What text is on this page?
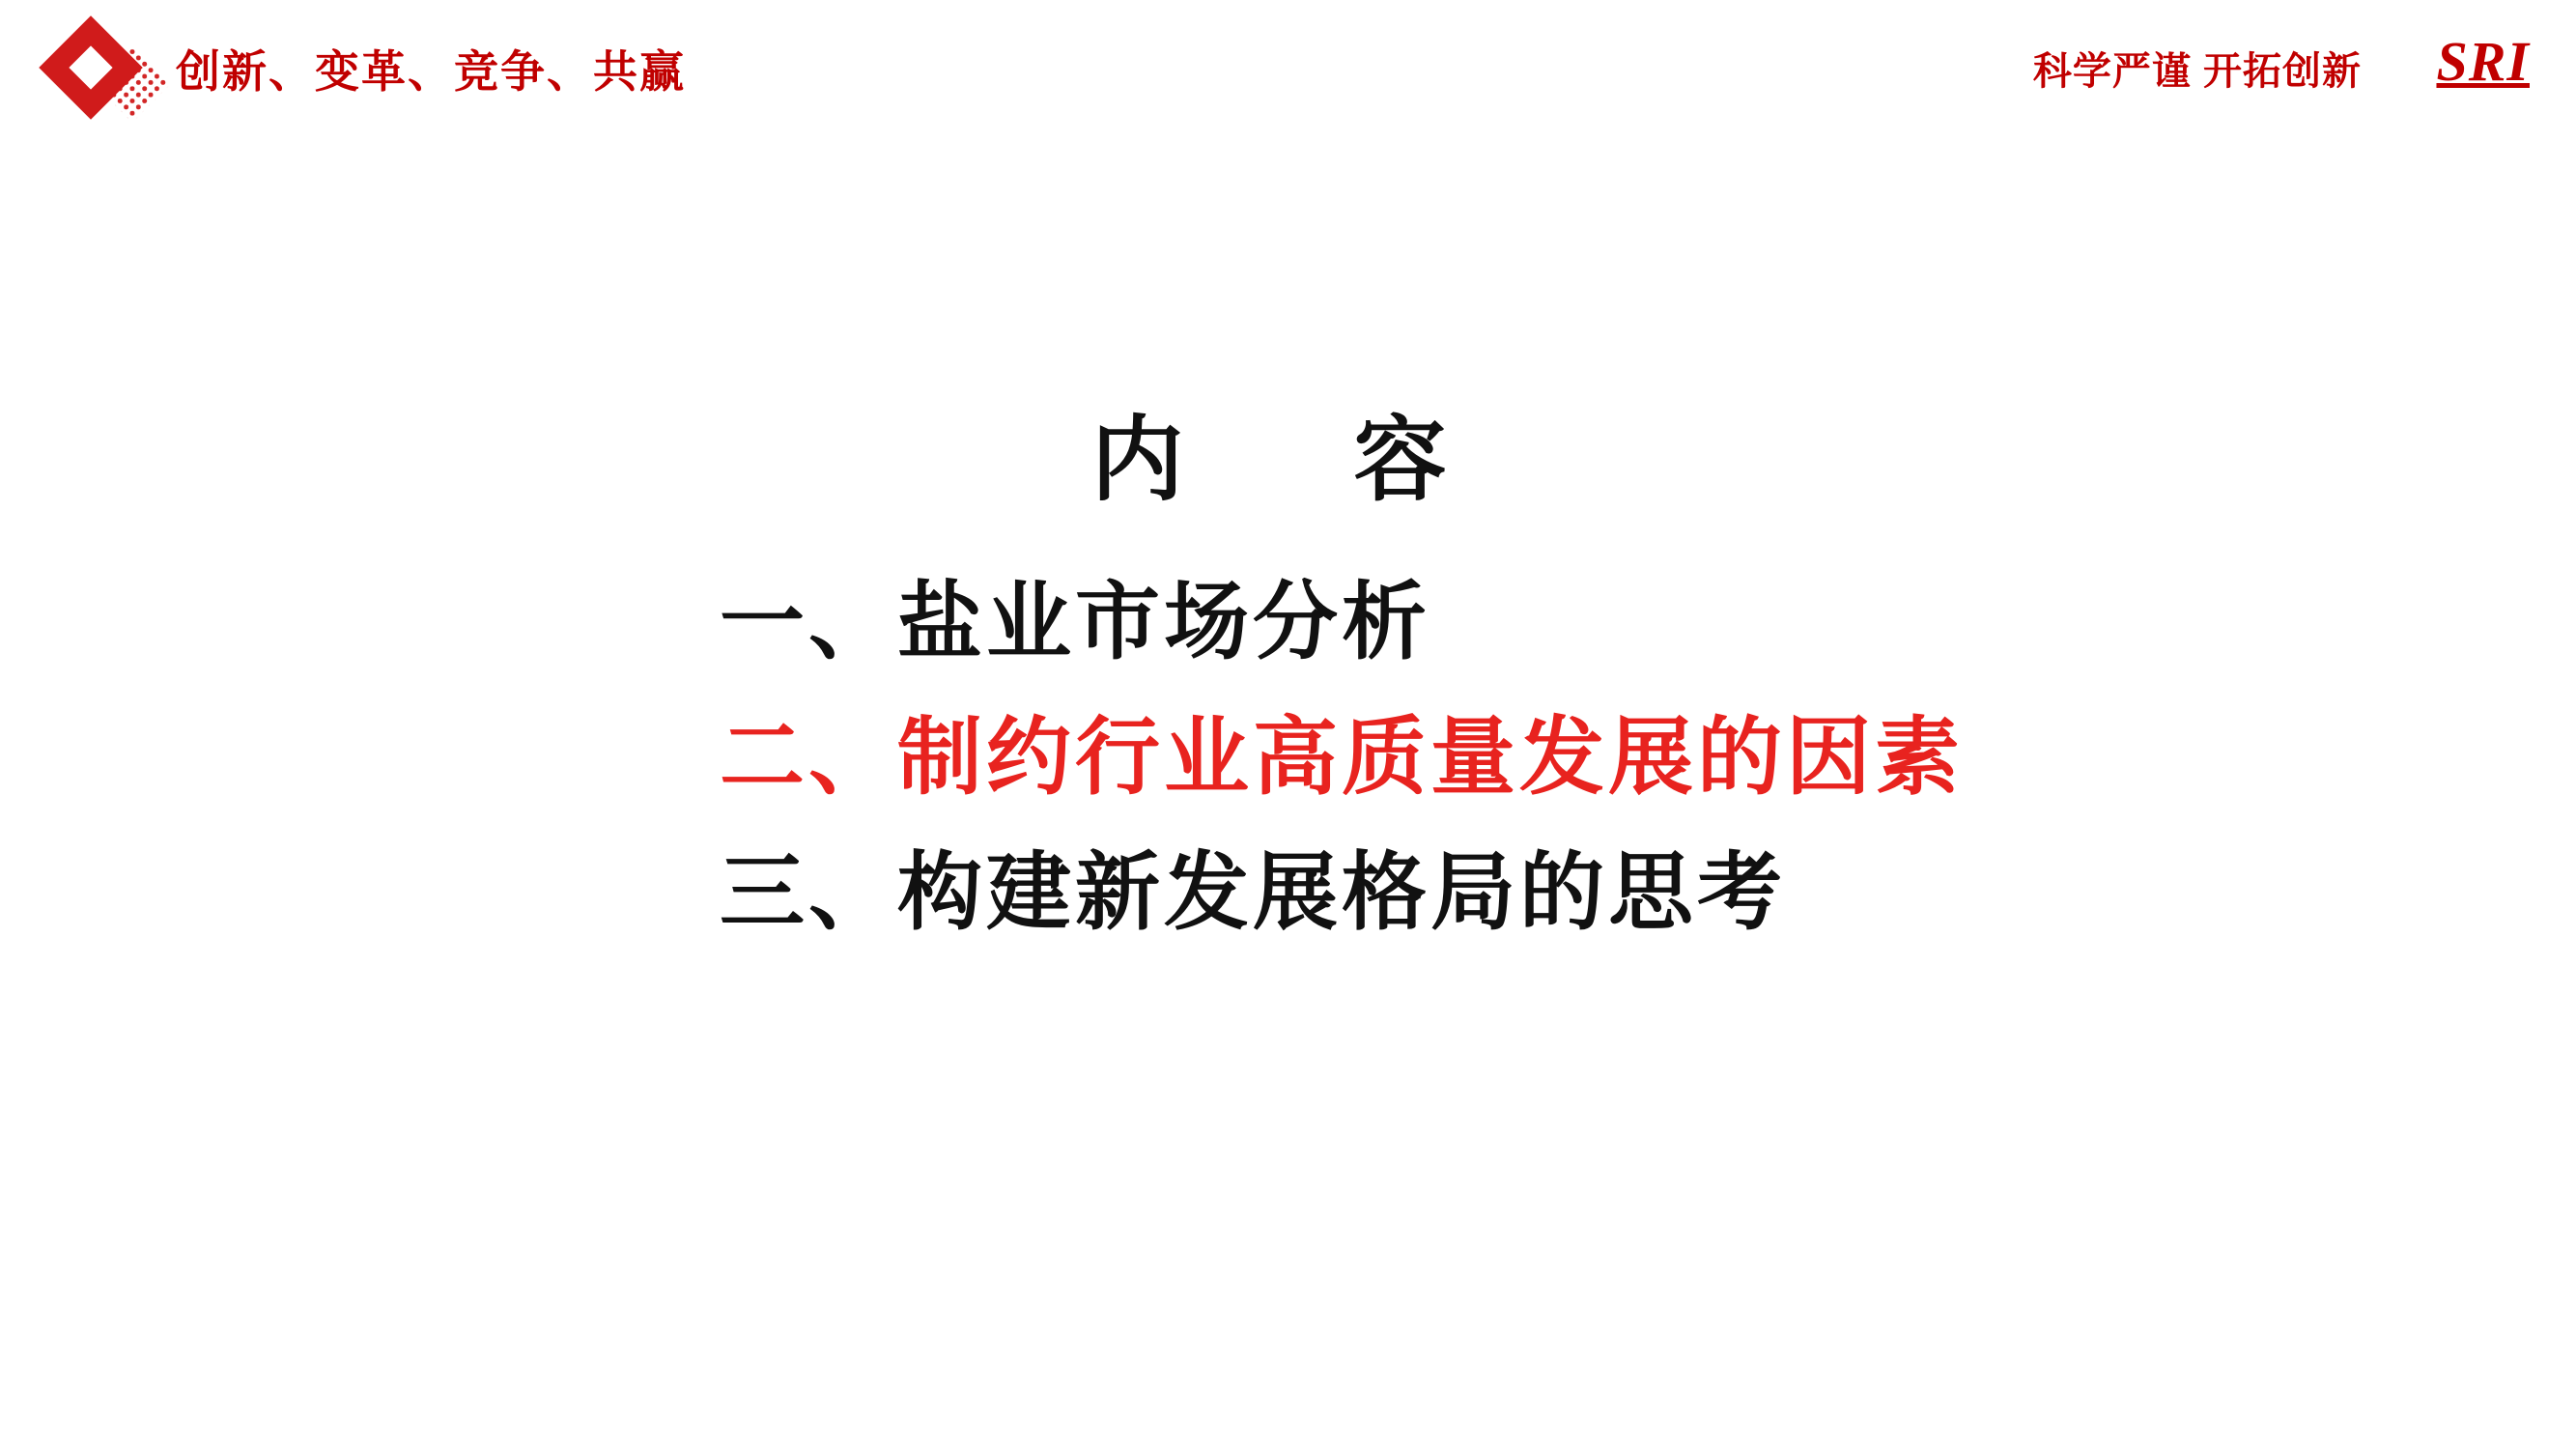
创新、变革、竞争、共赢	科学严谨 开拓创新 SRI
内　容
一、盐业市场分析
二、制约行业高质量发展的因素
三、构建新发展格局的思考
